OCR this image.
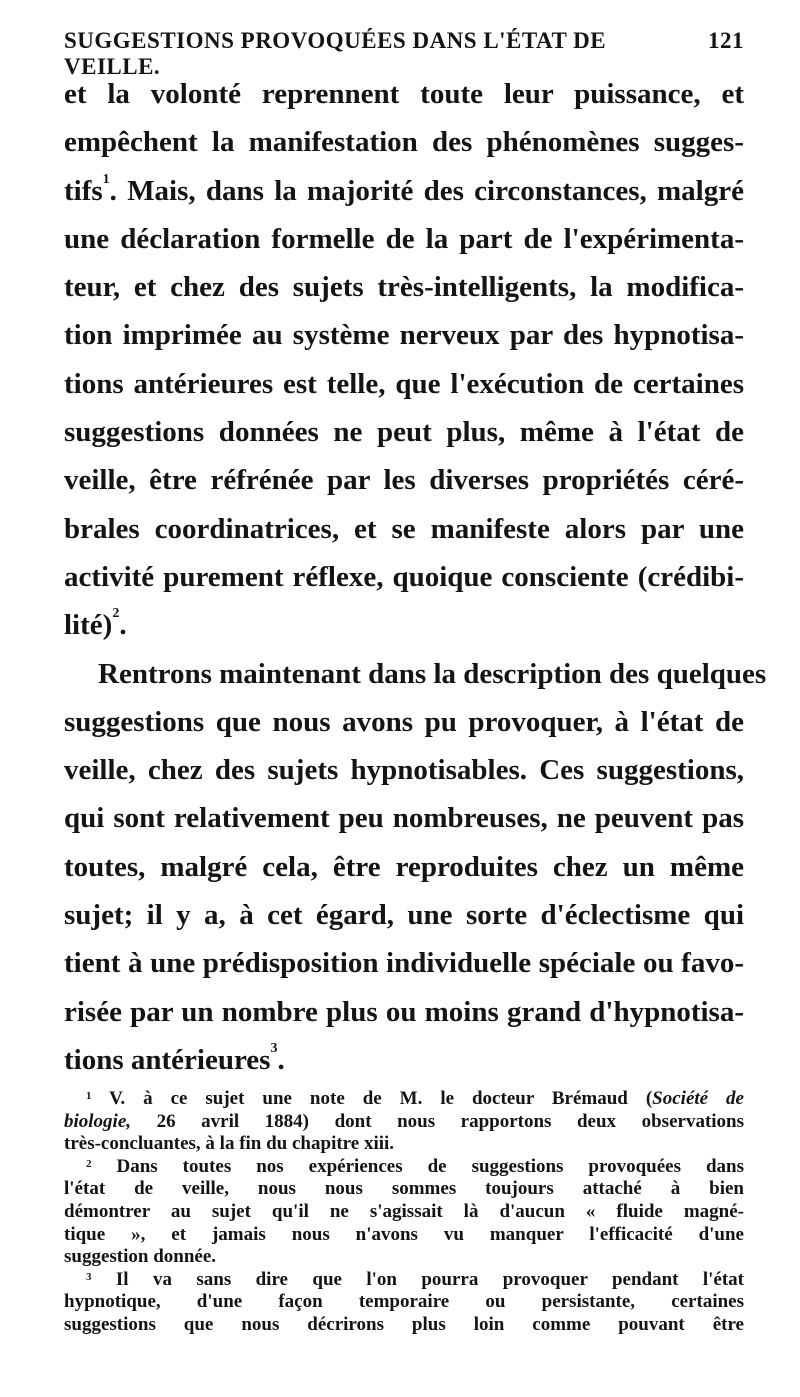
SUGGESTIONS PROVOQUÉES DANS L'ÉTAT DE VEILLE.
121
et la volonté reprennent toute leur puissance, et
empêchent la manifestation des phénomènes sugges-
tifs$^1$. Mais, dans la majorité des circonstances, malgré
une déclaration formelle de la part de l'expérimenta-
teur, et chez des sujets très-intelligents, la modifica-
tion imprimée au système nerveux par des hypnotisa-
tions antérieures est telle, que l'exécution de certaines
suggestions données ne peut plus, même à l'état de
veille, être réfrénée par les diverses propriétés céré-
brales coordinatrices, et se manifeste alors par une
activité purement réflexe, quoique consciente (crédibi-
lité)$^2$.
Rentrons maintenant dans la description des quelques
suggestions que nous avons pu provoquer, à l'état de
veille, chez des sujets hypnotisables. Ces suggestions,
qui sont relativement peu nombreuses, ne peuvent pas
toutes, malgré cela, être reproduites chez un même
sujet; il y a, à cet égard, une sorte d'éclectisme qui
tient à une prédisposition individuelle spéciale ou favo-
risée par un nombre plus ou moins grand d'hypnotisa-
tions antérieures$^3$.
$^1$ V. à ce sujet une note de M. le docteur Brémaud (Société de
biologie, 26 avril 1884) dont nous rapportons deux observations
très-concluantes, à la fin du chapitre xiii.
$^2$ Dans toutes nos expériences de suggestions provoquées dans
l'état de veille, nous nous sommes toujours attaché à bien
démontrer au sujet qu'il ne s'agissait là d'aucun « fluide magné-
tique », et jamais nous n'avons vu manquer l'efficacité d'une
suggestion donnée.
$^3$ Il va sans dire que l'on pourra provoquer pendant l'état
hypnotique, d'une façon temporaire ou persistante, certaines
suggestions que nous décrirons plus loin comme pouvant être
